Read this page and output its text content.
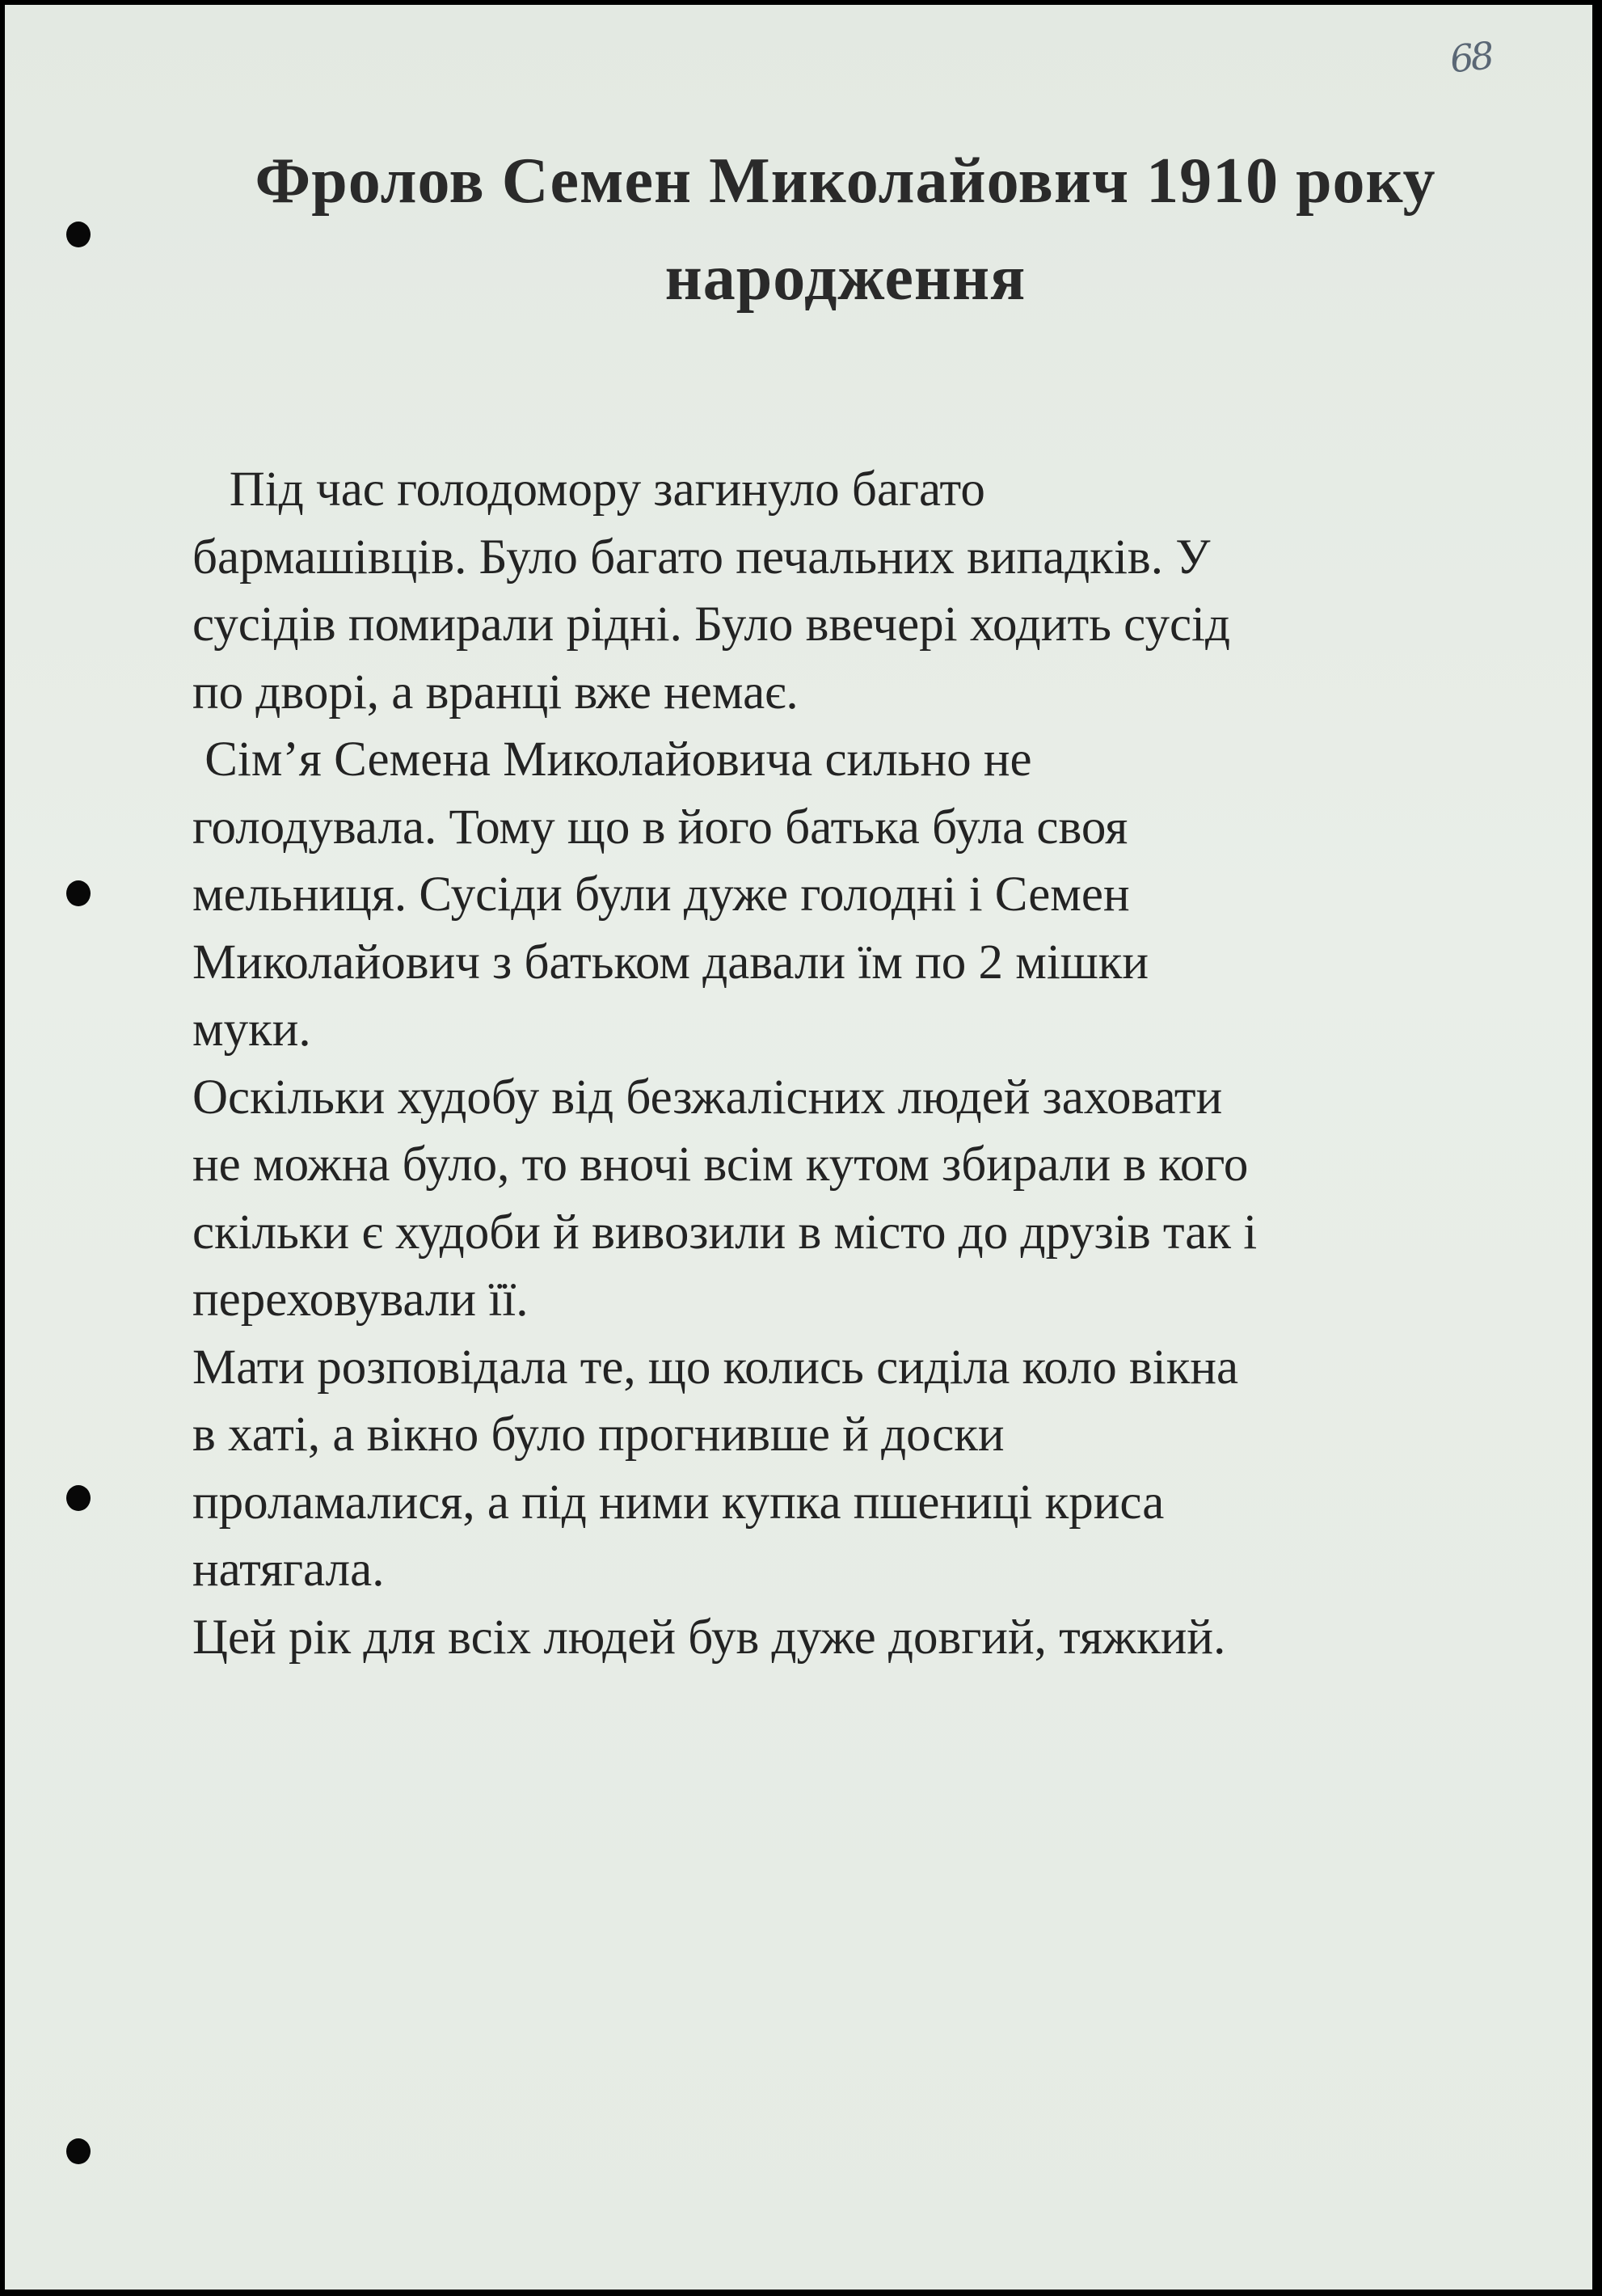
68

Фролов Семен Миколайович 1910 року
народження

Під час голодомору загинуло багато
бармашівців. Було багато печальних випадків. У
сусідів помирали рідні. Було ввечері ходить сусід
по дворі, а вранці вже немає.

Сім’я Семена Миколайовича сильно не
голодувала. Тому що в його батька була своя
мельниця. Сусіди були дуже голодні і Семен
Миколайович з батьком давали їм по 2 мішки
муки.

Оскільки худобу від безжалісних людей заховати
не можна було, то вночі всім кутом збирали в кого
скільки є худоби й вивозили в місто до друзів так і
переховували її.

Мати розповідала те, що колись сиділа коло вікна
в хаті, а вікно було прогнивше й доски
проламалися, а під ними купка пшениці криса
натягала.

Цей рік для всіх людей був дуже довгий, тяжкий.
